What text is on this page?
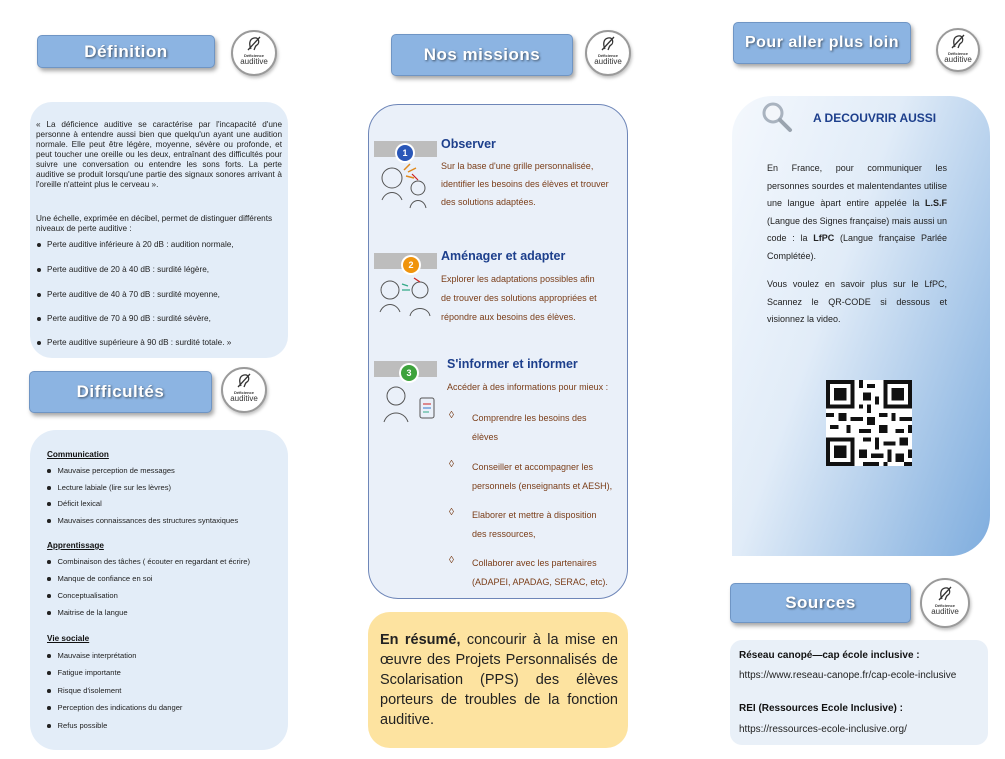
Définition	Déficience
auditive

« La déficience auditive se caractérise par l'incapacité d'une personne à entendre aussi bien que quelqu'un ayant une audition normale. Elle peut être légère, moyenne, sévère ou profonde, et peut toucher une oreille ou les deux, entraînant des difficultés pour suivre une conversation ou entendre les sons forts. La perte auditive se produit lorsqu'une partie des signaux sonores arrivant à l'oreille n'atteint plus le cerveau ».

Une échelle, exprimée en décibel, permet de distinguer différents niveaux de perte auditive :

Perte auditive inférieure à 20 dB : audition normale,
Perte auditive de 20 à 40 dB : surdité légère,
Perte auditive de 40 à 70 dB : surdité moyenne,
Perte auditive de 70 à 90 dB : surdité sévère,
Perte auditive supérieure à 90 dB : surdité totale. »
Difficultés	Déficience
auditive
Communication
Mauvaise perception de messages
Lecture labiale (lire sur les lèvres)
Déficit lexical
Mauvaises connaissances des structures syntaxiques
Apprentissage
Combinaison des tâches ( écouter en regardant et écrire)
Manque de confiance en soi
Conceptualisation
Maitrise de la langue
Vie sociale
Mauvaise interprétation
Fatigue importante
Risque d'isolement
Perception des indications du danger
Refus possible
Nos missions	Déficience
auditive
1
Observer
Sur la base d'une grille personnalisée,
identifier les besoins des élèves et trouver
des solutions adaptées.
2
Aménager et adapter
Explorer les adaptations possibles afin
de trouver des solutions appropriées et
répondre aux besoins des élèves.
3
S'informer et informer
Accéder à des informations pour mieux :
◊ Comprendre les besoins des
élèves
◊ Conseiller et accompagner les
personnels (enseignants et AESH),
◊ Elaborer et mettre à disposition
des ressources,
◊ Collaborer avec les partenaires
(ADAPEI, APADAG, SERAC, etc).

En résumé, concourir à la mise en œuvre des Projets Personnalisés de Scolarisation (PPS) des élèves porteurs de troubles de la fonction auditive.

Pour aller plus loin
Déficience
auditive
A DECOUVRIR AUSSI
En France, pour communiquer les personnes sourdes et malentendantes utilise une langue àpart entire appelée la L.S.F (Langue des Signes française) mais aussi un code : la LfPC (Langue française Parlée Complétée).
Vous voulez en savoir plus sur le LfPC, Scannez le QR-CODE si dessous et visionnez la video.
Sources	Déficience
auditive
Réseau canopé—cap école inclusive :
https://www.reseau-canope.fr/cap-ecole-inclusive
REI (Ressources Ecole Inclusive) :
https://ressources-ecole-inclusive.org/
